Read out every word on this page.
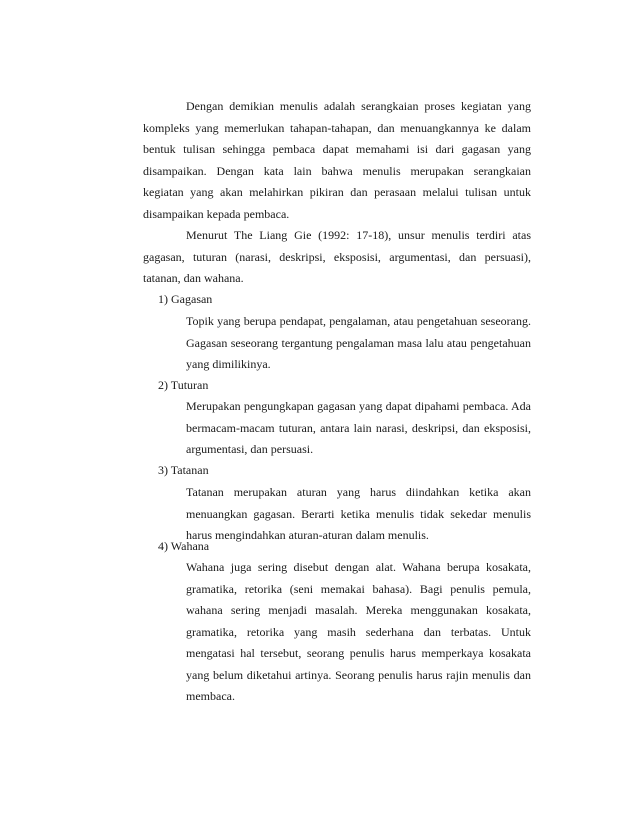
Dengan demikian menulis adalah serangkaian proses kegiatan yang
kompleks yang memerlukan tahapan-tahapan, dan menuangkannya ke dalam
bentuk tulisan sehingga pembaca dapat memahami isi dari gagasan yang
disampaikan. Dengan kata lain bahwa menulis merupakan serangkaian
kegiatan yang akan melahirkan pikiran dan perasaan melalui tulisan untuk
disampaikan kepada pembaca.
Menurut The Liang Gie (1992: 17-18), unsur menulis terdiri atas
gagasan, tuturan (narasi, deskripsi, eksposisi, argumentasi, dan persuasi),
tatanan, dan wahana.

1) Gagasan

Topik yang berupa pendapat, pengalaman, atau pengetahuan seseorang.
Gagasan seseorang tergantung pengalaman masa lalu atau pengetahuan
yang dimilikinya.

2) Tuturan

Merupakan pengungkapan gagasan yang dapat dipahami pembaca. Ada
bermacam-macam tuturan, antara lain narasi, deskripsi, dan eksposisi,
argumentasi, dan persuasi.

3) Tatanan

Tatanan merupakan aturan yang harus diindahkan ketika akan
menuangkan gagasan. Berarti ketika menulis tidak sekedar menulis
harus mengindahkan aturan-aturan dalam menulis.

4) Wahana

Wahana juga sering disebut dengan alat. Wahana berupa kosakata,
gramatika, retorika (seni memakai bahasa). Bagi penulis pemula,
wahana sering menjadi masalah. Mereka menggunakan kosakata,
gramatika, retorika yang masih sederhana dan terbatas. Untuk
mengatasi hal tersebut, seorang penulis harus memperkaya kosakata
yang belum diketahui artinya. Seorang penulis harus rajin menulis dan
membaca.
